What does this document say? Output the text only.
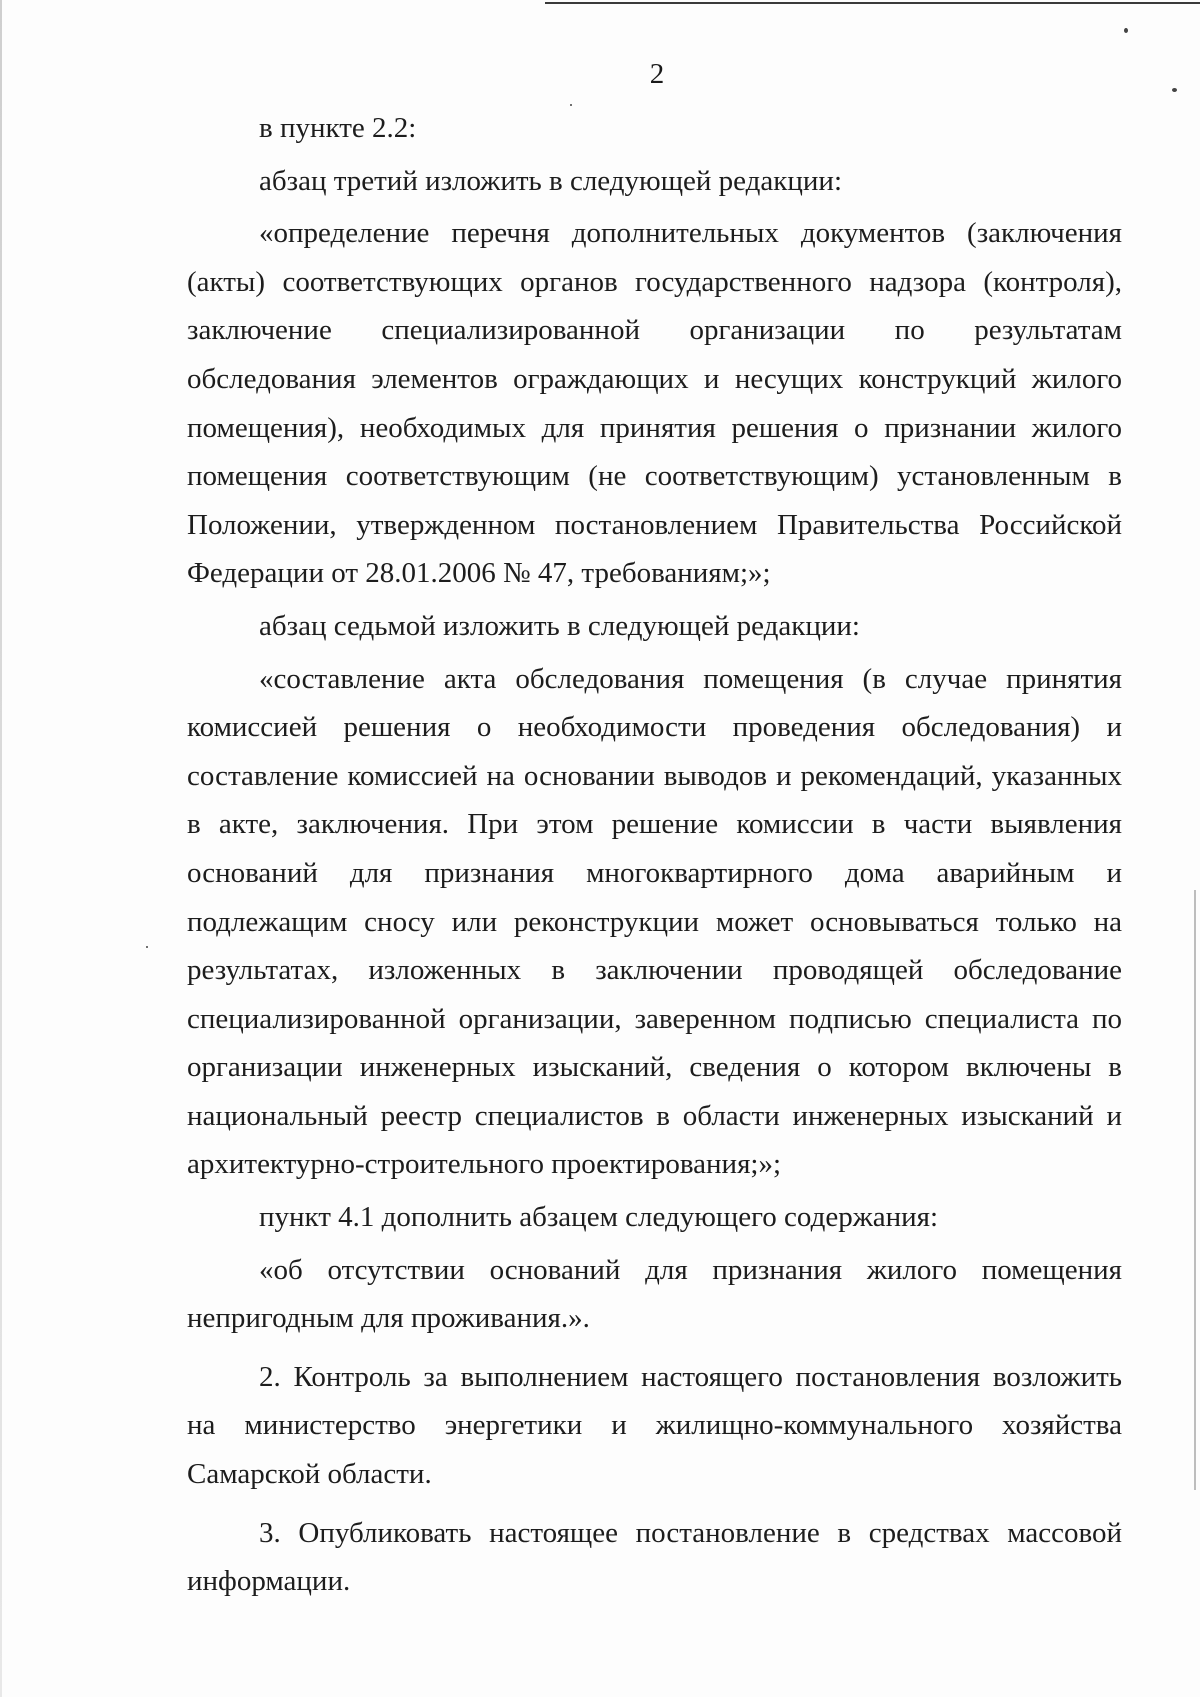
2

в пункте 2.2:

абзац третий изложить в следующей редакции:

«определение перечня дополнительных документов (заключения (акты) соответствующих органов государственного надзора (контроля), заключение специализированной организации по результатам обследования элементов ограждающих и несущих конструкций жилого помещения), необходимых для принятия решения о признании жилого помещения соответствующим (не соответствующим) установленным в Положении, утвержденном постановлением Правительства Российской Федерации от 28.01.2006 № 47, требованиям;»;

абзац седьмой изложить в следующей редакции:

«составление акта обследования помещения (в случае принятия комиссией решения о необходимости проведения обследования) и составление комиссией на основании выводов и рекомендаций, указанных в акте, заключения. При этом решение комиссии в части выявления оснований для признания многоквартирного дома аварийным и подлежащим сносу или реконструкции может основываться только на результатах, изложенных в заключении проводящей обследование специализированной организации, заверенном подписью специалиста по организации инженерных изысканий, сведения о котором включены в национальный реестр специалистов в области инженерных изысканий и архитектурно-строительного проектирования;»;

пункт 4.1 дополнить абзацем следующего содержания:

«об отсутствии оснований для признания жилого помещения непригодным для проживания.».

2. Контроль за выполнением настоящего постановления возложить на министерство энергетики и жилищно-коммунального хозяйства Самарской области.

3. Опубликовать настоящее постановление в средствах массовой информации.
